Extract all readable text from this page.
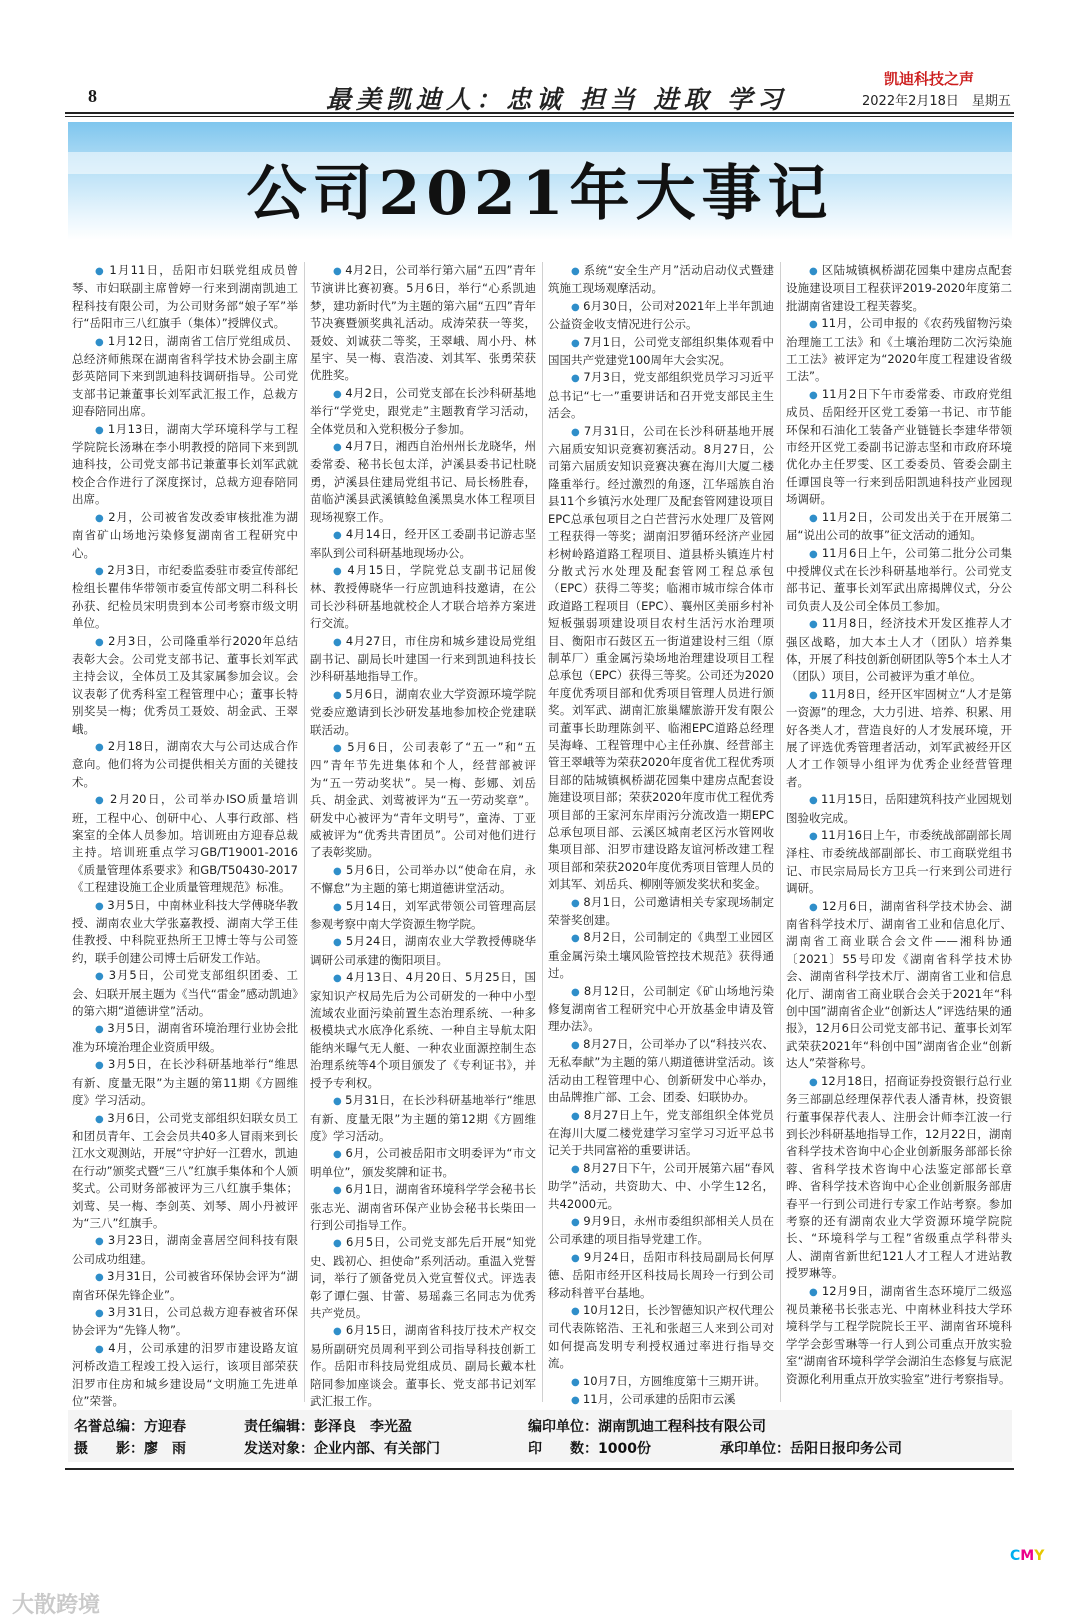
8	最美凯迪人：忠诚 担当 进取 学习
凯迪科技之声
2022年2月18日　星期五
公司2021年大事记

● 1月11日，岳阳市妇联党组成员曾琴、市妇联副主席曾婷一行来到湖南凯迪工程科技有限公司，为公司财务部“娘子军”举行“岳阳市三八红旗手（集体）”授牌仪式。

● 1月12日，湖南省工信厅党组成员、总经济师熊琛在湖南省科学技术协会副主席彭英陪同下来到凯迪科技调研指导。公司党支部书记兼董事长刘军武汇报工作，总裁方迎春陪同出席。

● 1月13日，湖南大学环境科学与工程学院院长汤琳在李小明教授的陪同下来到凯迪科技，公司党支部书记兼董事长刘军武就校企合作进行了深度探讨，总裁方迎春陪同出席。

● 2月，公司被省发改委审核批准为湖南省矿山场地污染修复湖南省工程研究中心。

● 2月3日，市纪委监委驻市委宣传部纪检组长瞿伟华带领市委宣传部文明二科科长孙获、纪检员宋明贵到本公司考察市级文明单位。

● 2月3日，公司隆重举行2020年总结表彰大会。公司党支部书记、董事长刘军武主持会议，全体员工及其家属参加会议。会议表彰了优秀科室工程管理中心；董事长特别奖吴一梅；优秀员工聂姣、胡金武、王翠峨。

● 2月18日，湖南农大与公司达成合作意向。他们将为公司提供相关方面的关键技术。

● 2月20日，公司举办ISO质量培训班，工程中心、创研中心、人事行政部、档案室的全体人员参加。培训班由方迎春总裁主持。培训班重点学习GB/T19001-2016《质量管理体系要求》和GB/T50430-2017《工程建设施工企业质量管理规范》标准。

● 3月5日，中南林业科技大学傅晓华教授、湖南农业大学张嘉教授、湖南大学王佳佳教授、中科院亚热所王卫博士等与公司签约，联手创建公司博士后研发工作站。

● 3月5日，公司党支部组织团委、工会、妇联开展主题为《当代“雷金”感动凯迪》的第六期“道德讲堂”活动。

● 3月5日，湖南省环境治理行业协会批准为环境治理企业资质甲级。

● 3月5日，在长沙科研基地举行“维思有新、度量无限”为主题的第11期《方圆维度》学习活动。

● 3月6日，公司党支部组织妇联女员工和团员青年、工会会员共40多人冒雨来到长江水文观测站，开展“守护好一江碧水，凯迪在行动”颁奖式暨“三八”红旗手集体和个人颁奖式。公司财务部被评为三八红旗手集体；刘莺、吴一梅、李剑英、刘琴、周小丹被评为“三八”红旗手。

● 3月23日，湖南金喜居空间科技有限公司成功组建。

● 3月31日，公司被省环保协会评为“湖南省环保先锋企业”。

● 3月31日，公司总裁方迎春被省环保协会评为“先锋人物”。

● 4月，公司承建的汨罗市建设路友谊河桥改造工程竣工投入运行，该项目部荣获汨罗市住房和城乡建设局“文明施工先进单位”荣誉。

● 4月2日，公司举行第六届“五四”青年节演讲比赛初赛。5月6日，举行“心系凯迪梦，建功新时代”为主题的第六届“五四”青年节决赛暨颁奖典礼活动。成涛荣获一等奖，聂姣、刘诚获二等奖，王翠峨、周小丹、林星宇、吴一梅、袁浩凌、刘其军、张勇荣获优胜奖。

● 4月2日，公司党支部在长沙科研基地举行“学党史，跟党走”主题教育学习活动，全体党员和入党积极分子参加。

● 4月7日，湘西自治州州长龙晓华，州委常委、秘书长包太洋，泸溪县委书记杜晓勇，泸溪县住建局党组书记、局长杨胜春，苗临泸溪县武溪镇鲶鱼溪黑臭水体工程项目现场视察工作。

● 4月14日，经开区工委副书记游志坚率队到公司科研基地现场办公。

● 4月15日，学院党总支副书记屈俊林、教授傅晓华一行应凯迪科技邀请，在公司长沙科研基地就校企人才联合培养方案进行交流。

● 4月27日，市住房和城乡建设局党组副书记、副局长叶建国一行来到凯迪科技长沙科研基地指导工作。

● 5月6日，湖南农业大学资源环境学院党委应邀请到长沙研发基地参加校企党建联联活动。

● 5月6日，公司表彰了“五一”和“五四”青年节先进集体和个人，经营部被评为“五一劳动奖状”。吴一梅、彭娜、刘岳兵、胡金武、刘莺被评为“五一劳动奖章”。研发中心被评为“青年文明号”，童涛、丁亚威被评为“优秀共青团员”。公司对他们进行了表彰奖励。

● 5月6日，公司举办以“使命在肩，永不懈怠”为主题的第七期道德讲堂活动。

● 5月14日，刘军武带领公司管理高层参观考察中南大学资源生物学院。

● 5月24日，湖南农业大学教授傅晓华调研公司承建的衡阳项目。

● 4月13日、4月20日、5月25日，国家知识产权局先后为公司研发的一种中小型流域农业面污染前置生态治理系统、一种多极模块式水底净化系统、一种自主导航太阳能纳米曝气无人艇、一种农业面源控制生态治理系统等4个项目颁发了《专利证书》，并授予专利权。

● 5月31日，在长沙科研基地举行“维思有新、度量无限”为主题的第12期《方圆维度》学习活动。

● 6月，公司被岳阳市文明委评为“市文明单位”，颁发奖牌和证书。

● 6月1日，湖南省环境科学学会秘书长张志光、湖南省环保产业协会秘书长柴田一行到公司指导工作。

● 6月5日，公司党支部先后开展“知党史、践初心、担使命”系列活动。重温入党誓词，举行了颁备党员入党宣誓仪式。评选表彰了谭仁强、甘蕾、易瑶淼三名同志为优秀共产党员。

● 6月15日，湖南省科技厅技术产权交易所副研究员周利平到公司指导科技创新工作。岳阳市科技局党组成员、副局长戴本杜陪同参加座谈会。董事长、党支部书记刘军武汇报工作。

●

● 系统“安全生产月”活动启动仪式暨建筑施工现场观摩活动。

● 6月30日，公司对2021年上半年凯迪公益资金收支情况进行公示。

● 7月1日，公司党支部组织集体观看中国国共产党建党100周年大会实况。

● 7月3日，党支部组织党员学习习近平总书记“七一”重要讲话和召开党支部民主生活会。

● 7月31日，公司在长沙科研基地开展六届质安知识竞赛初赛活动。8月27日，公司第六届质安知识竞赛决赛在海川大厦二楼隆重举行。经过激烈的角逐，江华瑶族自治县11个乡镇污水处理厂及配套管网建设项目EPC总承包项目之白芒营污水处理厂及管网工程获得一等奖；湖南汨罗循环经济产业园杉树岭路道路工程项目、道县桥头镇连片村分散式污水处理及配套管网工程总承包（EPC）获得二等奖；临湘市城市综合体市政道路工程项目（EPC）、襄州区美丽乡村补短板强弱项建设项目农村生活污水治理项目、衡阳市石鼓区五一街道建设村三组（原制革厂）重金属污染场地治理建设项目工程总承包（EPC）获得三等奖。公司还为2020年度优秀项目部和优秀项目管理人员进行颁奖。刘军武、湖南汇旅巢耀旅游开发有限公司董事长助理陈剑平、临湘EPC道路总经理吴海峰、工程管理中心主任孙旗、经营部主管王翠峨等为荣获2020年度省优工程优秀项目部的陆城镇枫桥湖花园集中建房点配套设施建设项目部；荣获2020年度市优工程优秀项目部的王家河东岸雨污分流改造一期EPC总承包项目部、云溪区城南老区污水管网收集项目部、汨罗市建设路友谊河桥改建工程项目部和荣获2020年度优秀项目管理人员的刘其军、刘岳兵、柳刚等颁发奖状和奖金。

● 8月1日，公司邀请相关专家现场制定荣誉奖创建。

● 8月2日，公司制定的《典型工业园区重金属污染土壤风险管控技术规范》获得通过。

● 8月12日，公司制定《矿山场地污染修复湖南省工程研究中心开放基金申请及管理办法》。

● 8月27日，公司举办了以“科技兴农、无私奉献”为主题的第八期道德讲堂活动。该活动由工程管理中心、创新研发中心举办，由品牌推广部、工会、团委、妇联协办。

● 8月27日上午，党支部组织全体党员在海川大厦二楼党建学习室学习习近平总书记关于共同富裕的重要讲话。

● 8月27日下午，公司开展第六届“春风助学”活动，共资助大、中、小学生12名，共42000元。

● 9月9日，永州市委组织部相关人员在公司承建的项目指导党建工作。

● 9月24日，岳阳市科技局副局长何厚德、岳阳市经开区科技局长周玲一行到公司移动科普平台基地。

● 10月12日，长沙智德知识产权代理公司代表陈铭浩、王礼和张超三人来到公司对如何提高发明专利授权通过率进行指导交流。

● 10月7日，方圆维度第十三期开讲。

● 11月，公司承建的岳阳市云溪

● 区陆城镇枫桥湖花园集中建房点配套设施建设项目工程获评2019-2020年度第二批湖南省建设工程芙蓉奖。

● 11月，公司申报的《农药残留物污染治理施工工法》和《土壤治理防二次污染施工工法》被评定为“2020年度工程建设省级工法”。

● 11月2日下午市委常委、市政府党组成员、岳阳经开区党工委第一书记、市节能环保和石油化工装备产业链链长李建华带领市经开区党工委副书记游志坚和市政府环境优化办主任罗雯、区工委委员、管委会副主任谭国良等一行来到岳阳凯迪科技产业园现场调研。

● 11月2日，公司发出关于在开展第二届“说出公司的故事”征文活动的通知。

● 11月6日上午，公司第二批分公司集中授牌仪式在长沙科研基地举行。公司党支部书记、董事长刘军武出席揭牌仪式，分公司负责人及公司全体员工参加。

● 11月8日，经济技术开发区推荐人才强区战略，加大本土人才（团队）培养集体，开展了科技创新创研团队等5个本土人才（团队）项目，公司被评为重才单位。

● 11月8日，经开区牢固树立“人才是第一资源”的理念，大力引进、培养、积累、用好各类人才，营造良好的人才发展环境，开展了评选优秀管理者活动，刘军武被经开区人才工作领导小组评为优秀企业经营管理者。

● 11月15日，岳阳建筑科技产业园规划图验收完成。

● 11月16日上午，市委统战部副部长周泽柱、市委统战部副部长、市工商联党组书记、市民宗局局长方卫兵一行来到公司进行调研。

● 12月6日，湖南省科学技术协会、湖南省科学技术厅、湖南省工业和信息化厅、湖南省工商业联合会文件——湘科协通〔2021〕55号印发《湖南省科学技术协会、湖南省科学技术厅、湖南省工业和信息化厅、湖南省工商业联合会关于2021年“科创中国”湖南省企业“创新达人”评选结果的通报》，12月6日公司党支部书记、董事长刘军武荣获2021年“科创中国”湖南省企业“创新达人”荣誉称号。

● 12月18日，招商证券投资银行总行业务三部副总经理保荐代表人潘青林，投资银行董事保荐代表人、注册会计师李江波一行到长沙科研基地指导工作，12月22日，湖南省科学技术咨询中心企业创新服务部部长徐蓉、省科学技术咨询中心法鉴定部部长章晔、省科学技术咨询中心企业创新服务部唐春平一行到公司进行专家工作站考察。参加考察的还有湖南农业大学资源环境学院院长、“环境科学与工程”省级重点学科带头人、湖南省新世纪121人才工程人才进站教授罗琳等。

● 12月9日，湖南省生态环境厅二级巡视员兼秘书长张志光、中南林业科技大学环境科学与工程学院院长王平、湖南省环境科学学会彭雪琳等一行人到公司重点开放实验室“湖南省环境科学学会湖泊生态修复与底泥资源化利用重点开放实验室”进行考察指导。

名誉总编：方迎春	责任编辑：彭泽良　李光盈	编印单位：湖南凯迪工程科技有限公司
摄　　影：廖　雨	发送对象：企业内部、有关部门	印　　数：1000份	承印单位：岳阳日报印务公司
大散跨境
CMY
